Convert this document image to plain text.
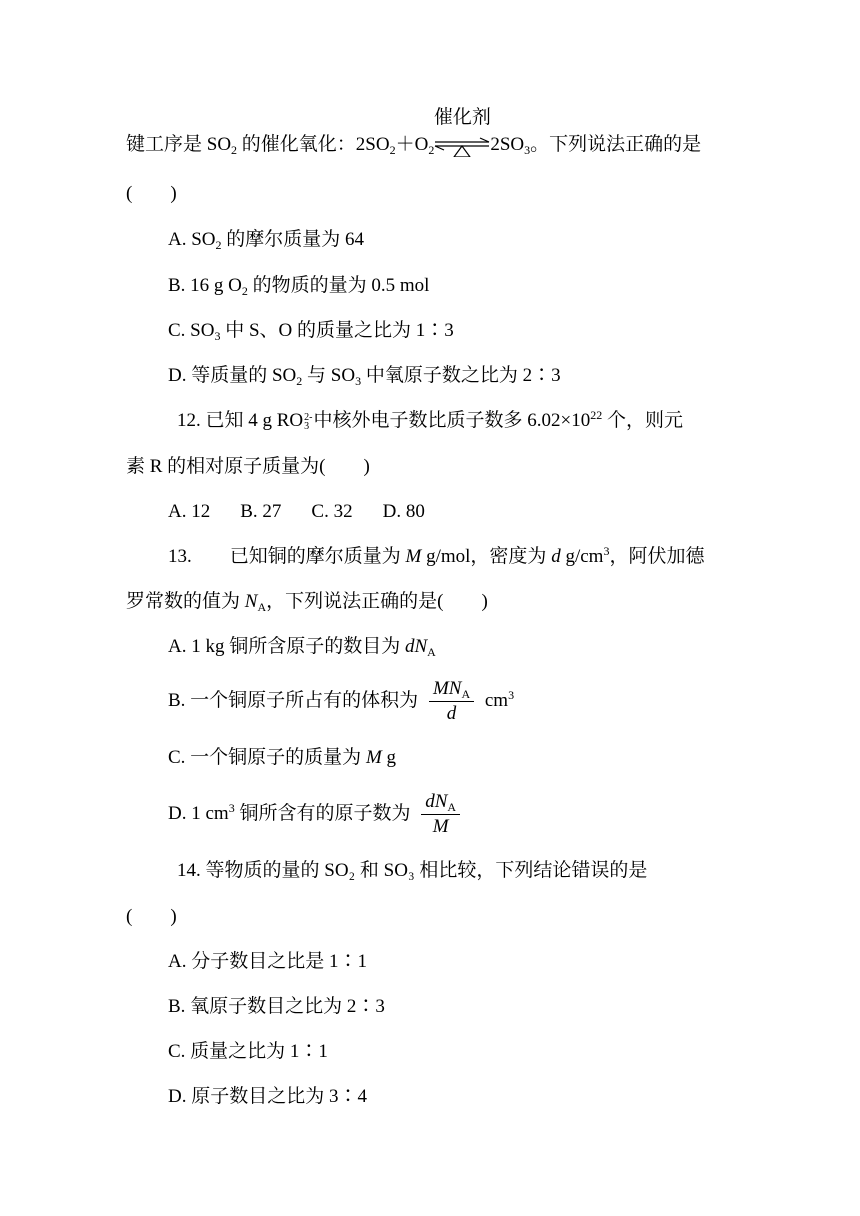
键工序是 $SO_2$ 的催化氧化：$2SO_2+O_2$
催化剂
$2SO_3$。下列说法正确的是
(　　)
A. $SO_2$ 的摩尔质量为 64
B. 16 g $O_2$ 的物质的量为 0.5 mol
C. $SO_3$ 中 S、O 的质量之比为 1∶3
D. 等质量的 $SO_2$ 与 $SO_3$ 中氧原子数之比为 2∶3
12. 已知 4 g RO 2-
3 中核外电子数比质子数多 $6.02\times 10^{22}$ 个，则元
素 R 的相对原子质量为(　　)
A. 12 B. 27 C. 32 D. 80
13.　　已知铜的摩尔质量为 M g/mol，密度为 d $g/cm^3$，阿伏加德
罗常数的值为 $N_A$，下列说法正确的是(　　)
A. 1 kg 铜所含原子的数目为 $dN_A$
B. 一个铜原子所占有的体积为 $\frac{MN_A}{d} cm^3$
C. 一个铜原子的质量为 M g
D. 1 $cm^3$ 铜所含有的原子数为 $\frac{dN_A}{M}$
14. 等物质的量的 SO₂ 和 SO₃ 相比较，下列结论错误的是
(　　)
A. 分子数目之比是 1∶1
B. 氧原子数目之比为 2∶3
C. 质量之比为 1∶1
D. 原子数目之比为 3∶4
